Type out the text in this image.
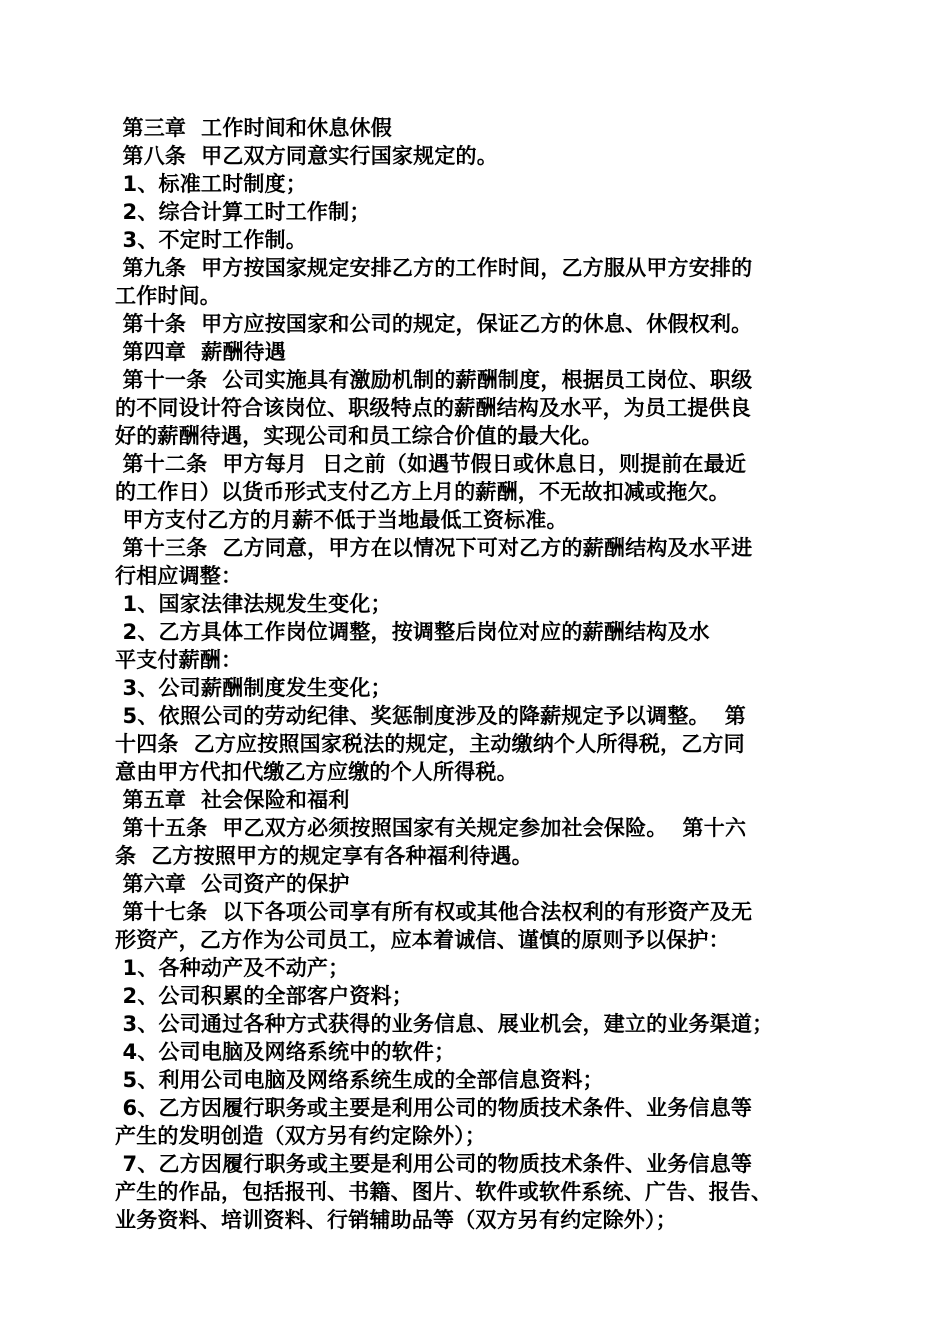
第三章  工作时间和休息休假
第八条  甲乙双方同意实行国家规定的。
1、标准工时制度；
2、综合计算工时工作制；
3、不定时工作制。
第九条  甲方按国家规定安排乙方的工作时间，乙方服从甲方安排的
工作时间。
第十条  甲方应按国家和公司的规定，保证乙方的休息、休假权利。
第四章  薪酬待遇
第十一条  公司实施具有激励机制的薪酬制度，根据员工岗位、职级
的不同设计符合该岗位、职级特点的薪酬结构及水平，为员工提供良
好的薪酬待遇，实现公司和员工综合价值的最大化。
第十二条  甲方每月  日之前（如遇节假日或休息日，则提前在最近
的工作日）以货币形式支付乙方上月的薪酬，不无故扣减或拖欠。
甲方支付乙方的月薪不低于当地最低工资标准。
第十三条  乙方同意，甲方在以情况下可对乙方的薪酬结构及水平进
行相应调整：
1、国家法律法规发生变化；
2、乙方具体工作岗位调整，按调整后岗位对应的薪酬结构及水
平支付薪酬：
3、公司薪酬制度发生变化；
5、依照公司的劳动纪律、奖惩制度涉及的降薪规定予以调整。  第
十四条  乙方应按照国家税法的规定，主动缴纳个人所得税，乙方同
意由甲方代扣代缴乙方应缴的个人所得税。
第五章  社会保险和福利
第十五条  甲乙双方必须按照国家有关规定参加社会保险。  第十六
条  乙方按照甲方的规定享有各种福利待遇。
第六章  公司资产的保护
第十七条  以下各项公司享有所有权或其他合法权利的有形资产及无
形资产，乙方作为公司员工，应本着诚信、谨慎的原则予以保护：
1、各种动产及不动产；
2、公司积累的全部客户资料；
3、公司通过各种方式获得的业务信息、展业机会，建立的业务渠道；
4、公司电脑及网络系统中的软件；
5、利用公司电脑及网络系统生成的全部信息资料；
6、乙方因履行职务或主要是利用公司的物质技术条件、业务信息等
产生的发明创造（双方另有约定除外）；
7、乙方因履行职务或主要是利用公司的物质技术条件、业务信息等
产生的作品，包括报刊、书籍、图片、软件或软件系统、广告、报告、
业务资料、培训资料、行销辅助品等（双方另有约定除外）；
